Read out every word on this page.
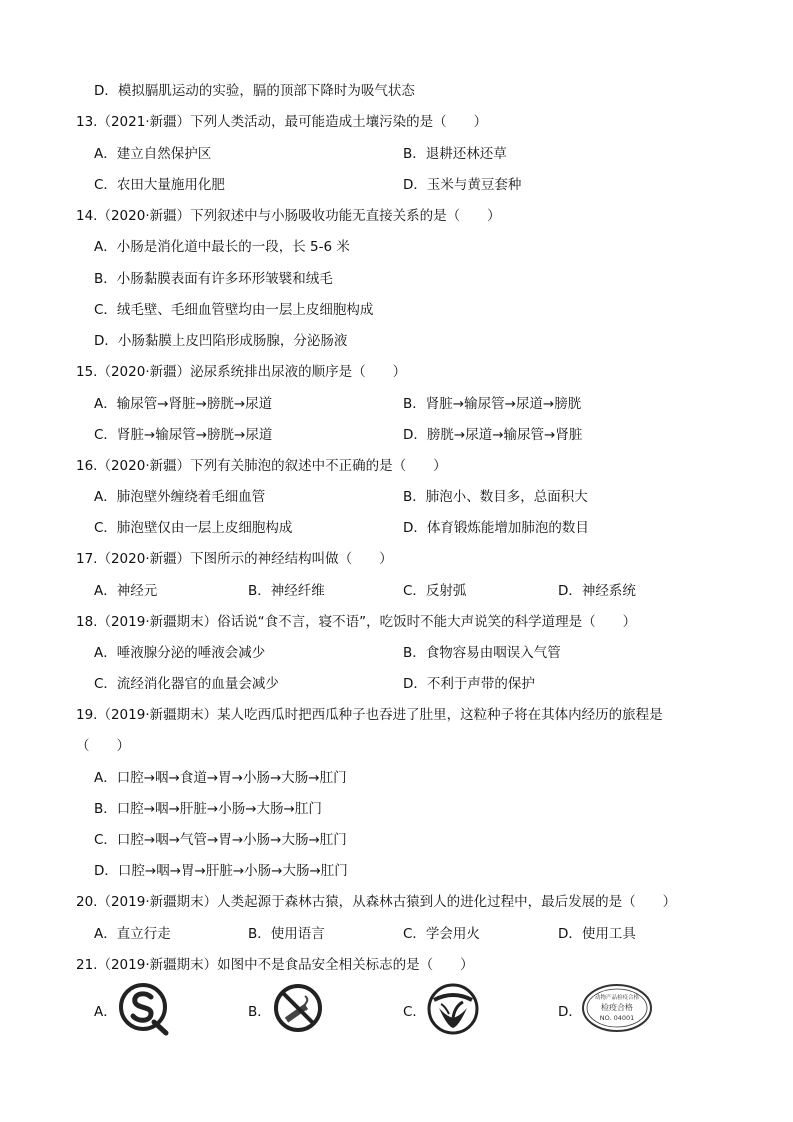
D．模拟膈肌运动的实验，膈的顶部下降时为吸气状态
13.（2021·新疆）下列人类活动，最可能造成土壤污染的是（　　）
A．建立自然保护区	B．退耕还林还草
C．农田大量施用化肥	D．玉米与黄豆套种
14.（2020·新疆）下列叙述中与小肠吸收功能无直接关系的是（　　）
A．小肠是消化道中最长的一段，长 5-6 米
B．小肠黏膜表面有许多环形皱襞和绒毛
C．绒毛壁、毛细血管壁均由一层上皮细胞构成
D．小肠黏膜上皮凹陷形成肠腺，分泌肠液
15.（2020·新疆）泌尿系统排出尿液的顺序是（　　）
A．输尿管→肾脏→膀胱→尿道	B．肾脏→输尿管→尿道→膀胱
C．肾脏→输尿管→膀胱→尿道	D．膀胱→尿道→输尿管→肾脏
16.（2020·新疆）下列有关肺泡的叙述中不正确的是（　　）
A．肺泡壁外缠绕着毛细血管	B．肺泡小、数目多，总面积大
C．肺泡壁仅由一层上皮细胞构成	D．体育锻炼能增加肺泡的数目
17.（2020·新疆）下图所示的神经结构叫做（　　）
A．神经元	B．神经纤维	C．反射弧	D．神经系统
18.（2019·新疆期末）俗话说“食不言，寝不语”，吃饭时不能大声说笑的科学道理是（　　）
A．唾液腺分泌的唾液会减少	B．食物容易由咽误入气管
C．流经消化器官的血量会减少	D．不利于声带的保护
19.（2019·新疆期末）某人吃西瓜时把西瓜种子也吞进了肚里，这粒种子将在其体内经历的旅程是
（　　）
A．口腔→咽→食道→胃→小肠→大肠→肛门
B．口腔→咽→肝脏→小肠→大肠→肛门
C．口腔→咽→气管→胃→小肠→大肠→肛门
D．口腔→咽→胃→肝脏→小肠→大肠→肛门
20.（2019·新疆期末）人类起源于森林古猿，从森林古猿到人的进化过程中，最后发展的是（　　）
A．直立行走	B．使用语言	C．学会用火	D．使用工具
21.（2019·新疆期末）如图中不是食品安全相关标志的是（　　）
A．	B．	C．	D．
动物产品检疫合格
检疫合格
NO. 04001
